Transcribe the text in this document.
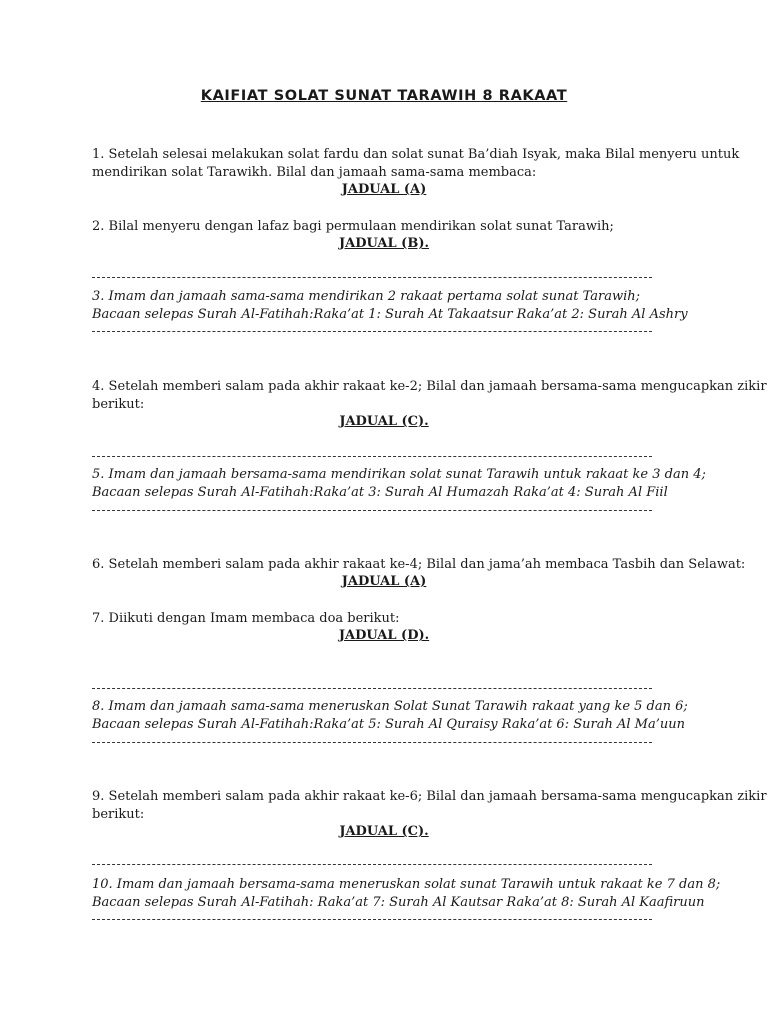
KAIFIAT SOLAT SUNAT TARAWIH 8 RAKAAT
1. Setelah selesai melakukan solat fardu dan solat sunat Ba’diah Isyak, maka Bilal menyeru untuk
mendirikan solat Tarawikh. Bilal dan jamaah sama-sama membaca:
JADUAL (A)
2. Bilal menyeru dengan lafaz bagi permulaan mendirikan solat sunat Tarawih;
JADUAL (B).
3. Imam dan jamaah sama-sama mendirikan 2 rakaat pertama solat sunat Tarawih;
Bacaan selepas Surah Al-Fatihah:Raka’at 1: Surah At Takaatsur Raka’at 2: Surah Al Ashry
4. Setelah memberi salam pada akhir rakaat ke-2; Bilal dan jamaah bersama-sama mengucapkan zikir
berikut:
JADUAL (C).
5. Imam dan jamaah bersama-sama mendirikan solat sunat Tarawih untuk rakaat ke 3 dan 4;
Bacaan selepas Surah Al-Fatihah:Raka’at 3: Surah Al Humazah Raka’at 4: Surah Al Fiil
6. Setelah memberi salam pada akhir rakaat ke-4; Bilal dan jama’ah membaca Tasbih dan Selawat:
JADUAL (A)
7. Diikuti dengan Imam membaca doa berikut:
JADUAL (D).
8. Imam dan jamaah sama-sama meneruskan Solat Sunat Tarawih rakaat yang ke 5 dan 6;
Bacaan selepas Surah Al-Fatihah:Raka’at 5: Surah Al Quraisy Raka’at 6: Surah Al Ma’uun
9. Setelah memberi salam pada akhir rakaat ke-6; Bilal dan jamaah bersama-sama mengucapkan zikir
berikut:
JADUAL (C).
10. Imam dan jamaah bersama-sama meneruskan solat sunat Tarawih untuk rakaat ke 7 dan 8;
Bacaan selepas Surah Al-Fatihah: Raka’at 7: Surah Al Kautsar Raka’at 8: Surah Al Kaafiruun
